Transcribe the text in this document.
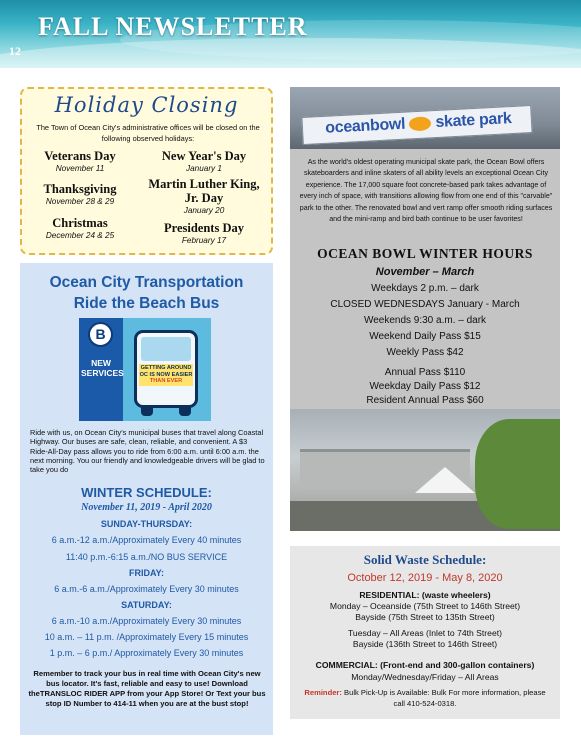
FALL NEWSLETTER
12
Holiday Closing
The Town of Ocean City's administrative offices will be closed on the following observed holidays:
Veterans Day
November 11
Thanksgiving
November 28 & 29
Christmas
December 24 & 25
New Year's Day
January 1
Martin Luther King, Jr. Day
January 20
Presidents Day
February 17
Ocean City Transportation
Ride the Beach Bus
B
NEW SERVICES	GETTING AROUND
OC IS NOW EASIER
THAN EVER
Ride with us, on Ocean City's municipal buses that travel along Coastal Highway. Our buses are safe, clean, reliable, and convenient. A $3 Ride-All-Day pass allows you to ride from 6:00 a.m. until 6:00 a.m. the next morning. You our friendly and knowledgeable drivers will be glad to take you do
WINTER SCHEDULE:
November 11, 2019 - April 2020
SUNDAY-THURSDAY:
6 a.m.-12 a.m./Approximately Every 40 minutes
11:40 p.m.-6:15 a.m./NO BUS SERVICE
FRIDAY:
6 a.m.-6 a.m./Approximately Every 30 minutes
SATURDAY:
6 a.m.-10 a.m./Approximately Every 30 minutes
10 a.m. – 11 p.m. /Approximately Every 15 minutes
1 p.m. – 6 p.m./ Approximately Every 30 minutes
Remember to track your bus in real time with Ocean City's new bus locator. It's fast, reliable and easy to use! Download theTRANSLOC RIDER APP from your App Store! Or Text your bus stop ID Number to 414-11 when you are at the bust stop!
oceanbowl skate park
As the world's oldest operating municipal skate park, the Ocean Bowl offers skateboarders and inline skaters of all ability levels an exceptional Ocean City experience. The 17,000 square foot concrete-based park takes advantage of every inch of space, with transitions allowing flow from one end of this "carvable" park to the other. The renovated bowl and vert ramp offer smooth riding surfaces and the mini-ramp and bird bath continue to be user favorites!
OCEAN BOWL WINTER HOURS
November – March
Weekdays 2 p.m. – dark
CLOSED WEDNESDAYS January - March
Weekends 9:30 a.m. – dark
Weekend Daily Pass $15
Weekly Pass $42
Annual Pass $110
Weekday Daily Pass $12
Resident Annual Pass $60
Solid Waste Schedule:
October 12, 2019 - May 8, 2020
RESIDENTIAL: (waste wheelers)
Monday – Oceanside (75th Street to 146th Street)
Bayside (75th Street to 135th Street)
Tuesday – All Areas (Inlet to 74th Street)
Bayside (136th Street to 146th Street)
COMMERCIAL: (Front-end and 300-gallon containers)
Monday/Wednesday/Friday – All Areas
Reminder: Bulk Pick-Up is Available: Bulk For more information, please call 410-524-0318.
